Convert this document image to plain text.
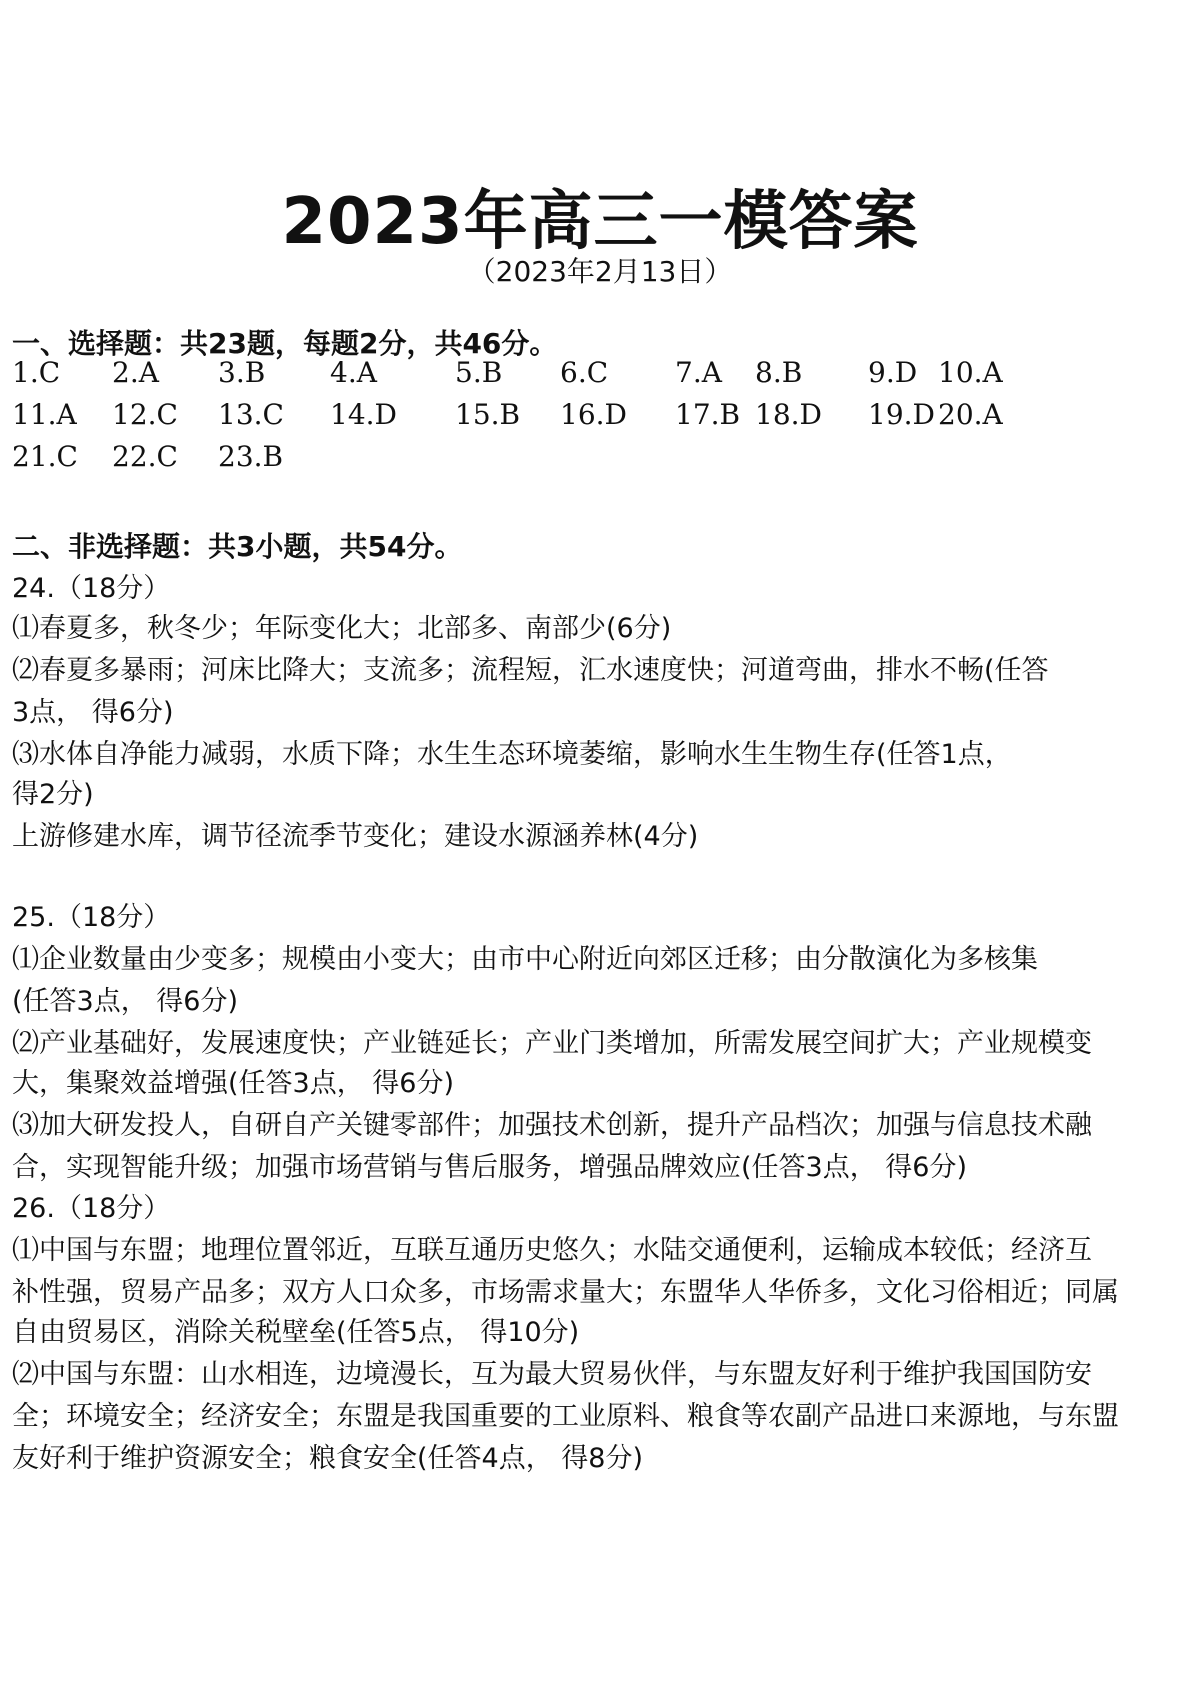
2023年高三一模答案
（2023年2月13日）
一、选择题：共23题，每题2分，共46分。
1.C 2.A 3.B 4.A	5.B 6.C 7.A 8.B 9.D 10.A
11.A 12.C 13.C 14.D 15.B 16.D 17.B 18.D 19.D 20.A
21.C 22.C 23.B
二、非选择题：共3小题，共54分。
24.（18分）
⑴春夏多，秋冬少；年际变化大；北部多、南部少(6分)
⑵春夏多暴雨；河床比降大；支流多；流程短，汇水速度快；河道弯曲，排水不畅(任答
3点， 得6分)
⑶水体自净能力减弱，水质下降；水生生态环境萎缩，影响水生生物生存(任答1点，
得2分)
上游修建水库，调节径流季节变化；建设水源涵养林(4分)
25.（18分）
⑴企业数量由少变多；规模由小变大；由市中心附近向郊区迁移；由分散演化为多核集
(任答3点， 得6分)
⑵产业基础好，发展速度快；产业链延长；产业门类增加，所需发展空间扩大；产业规模变
大，集聚效益增强(任答3点， 得6分)
⑶加大研发投人，自研自产关键零部件；加强技术创新，提升产品档次；加强与信息技术融
合，实现智能升级；加强市场营销与售后服务，增强品牌效应(任答3点， 得6分)
26.（18分）
⑴中国与东盟；地理位置邻近，互联互通历史悠久；水陆交通便利，运输成本较低；经济互
补性强，贸易产品多；双方人口众多，市场需求量大；东盟华人华侨多，文化习俗相近；同属
自由贸易区，消除关税壁垒(任答5点， 得10分)
⑵中国与东盟：山水相连，边境漫长，互为最大贸易伙伴，与东盟友好利于维护我国国防安
全；环境安全；经济安全；东盟是我国重要的工业原料、粮食等农副产品进口来源地，与东盟
友好利于维护资源安全；粮食安全(任答4点， 得8分)
